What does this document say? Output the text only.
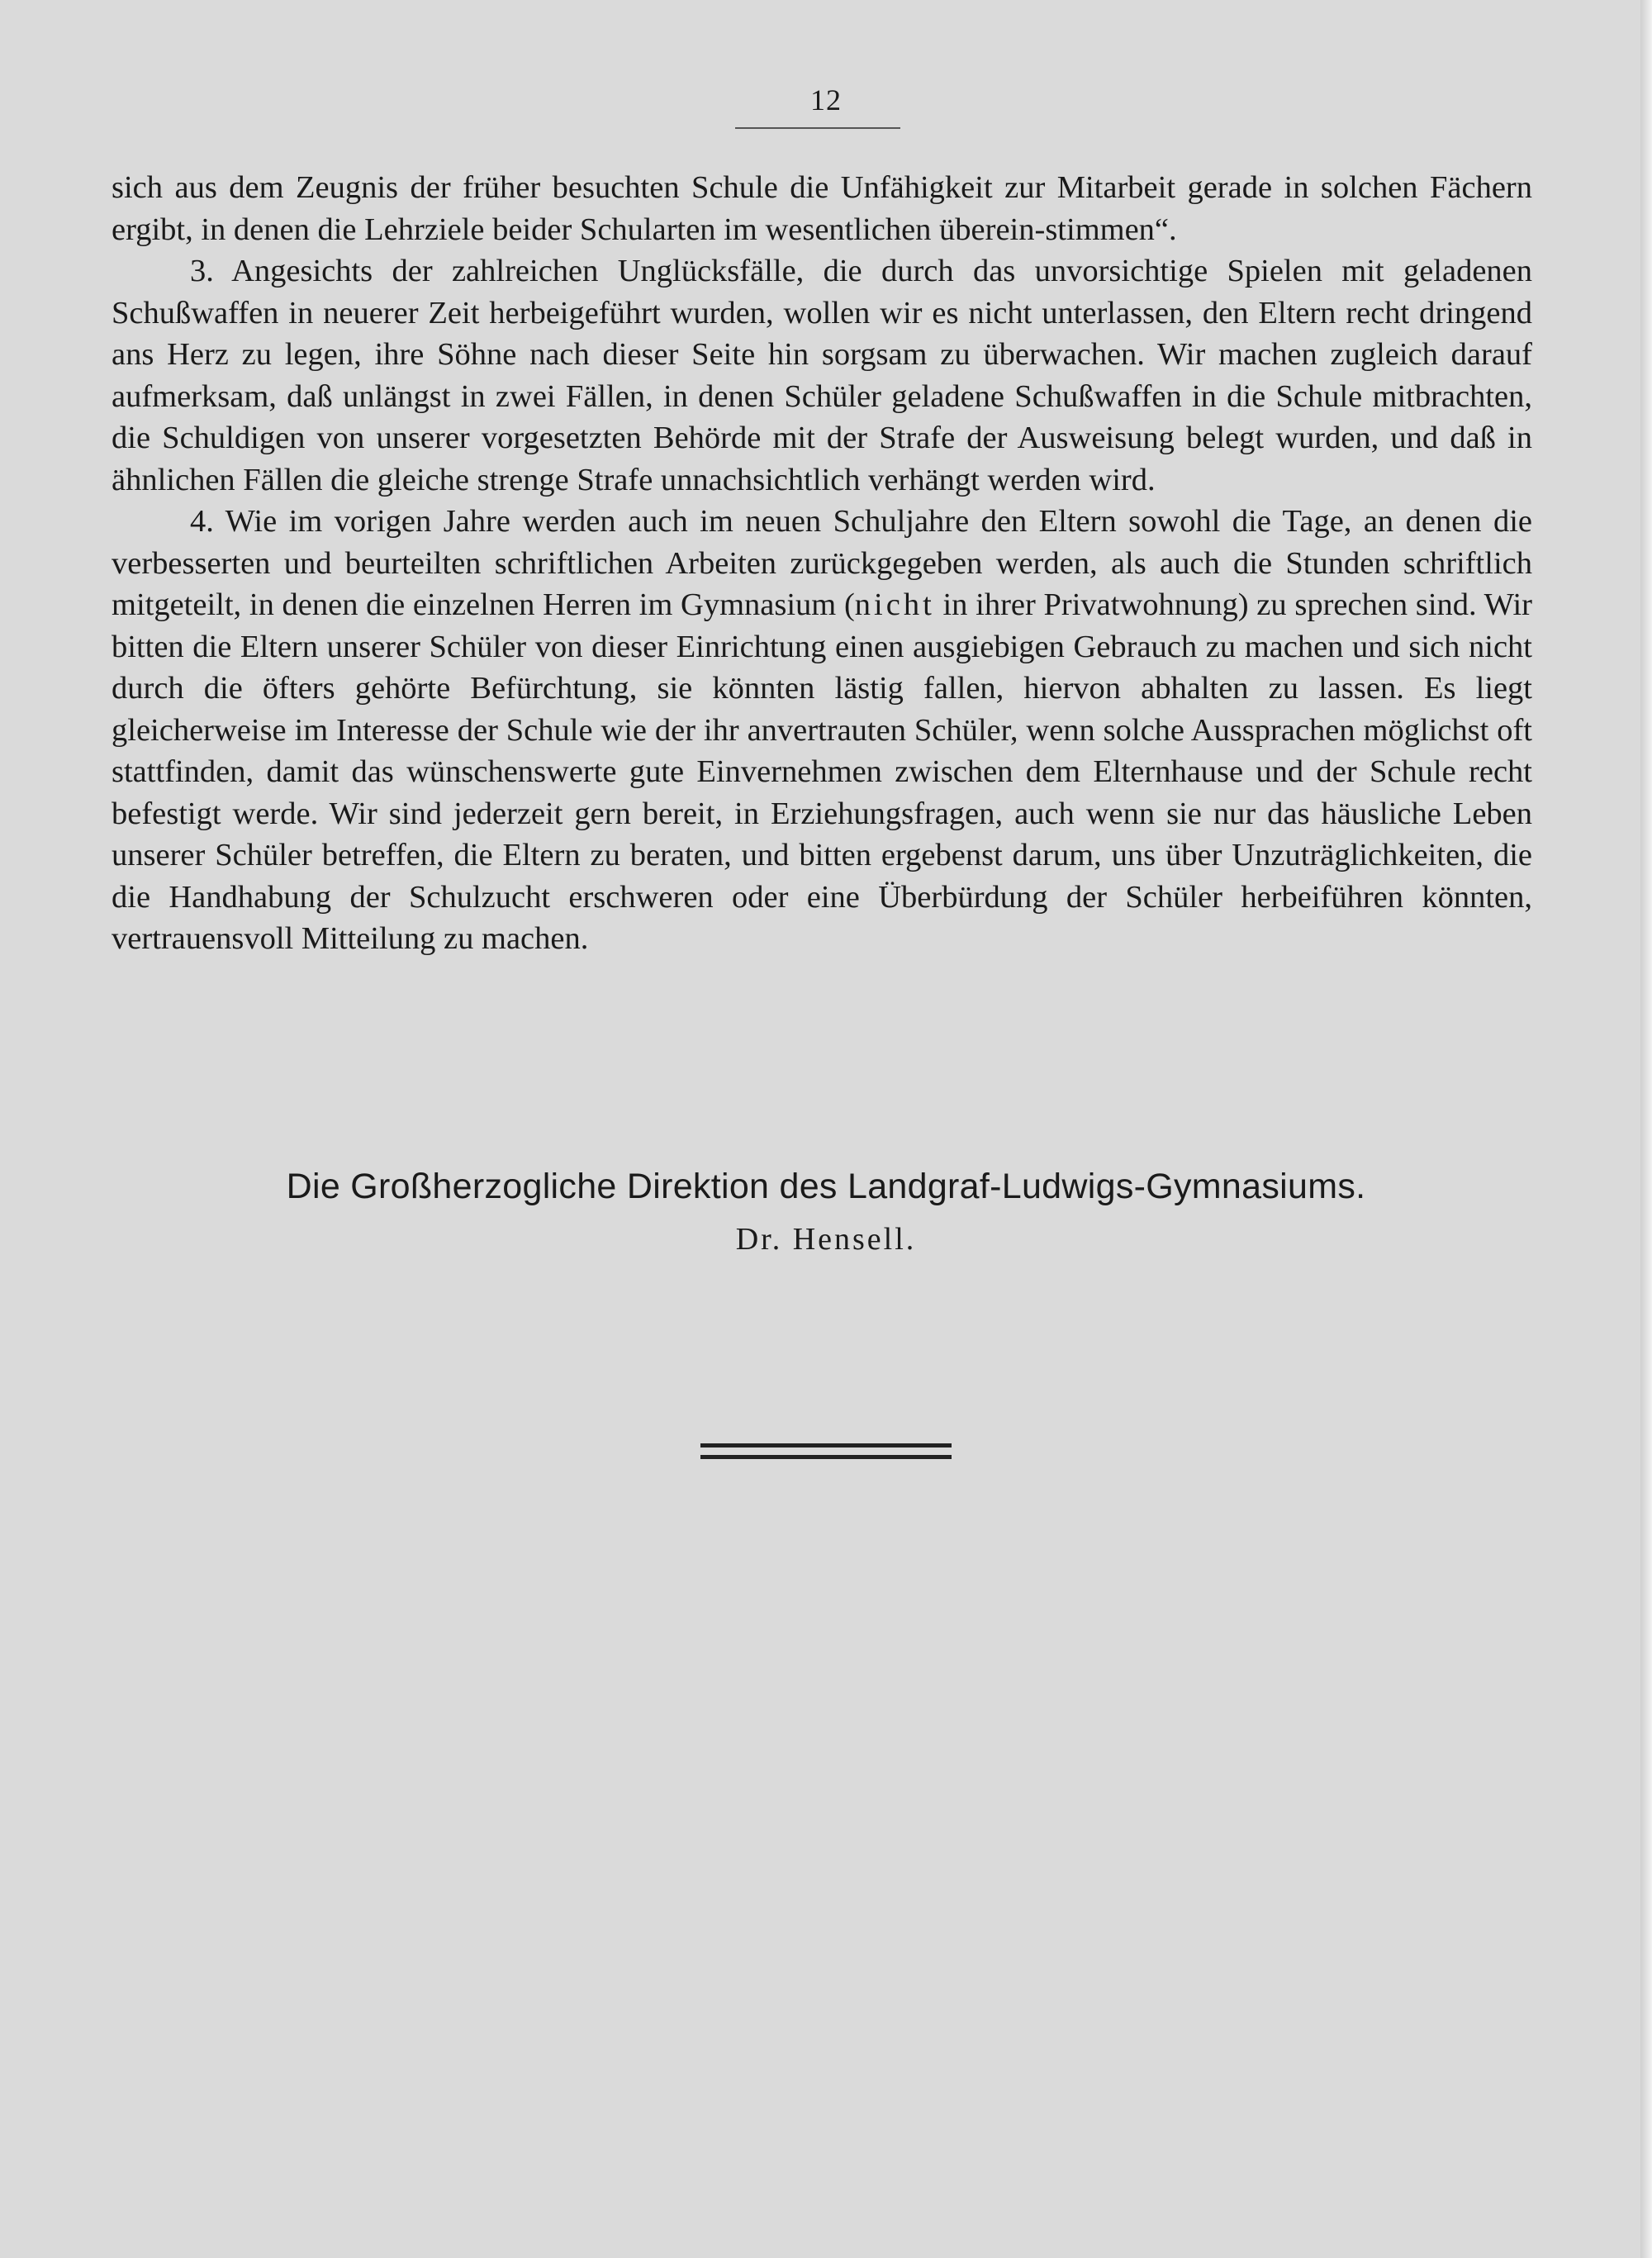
12

sich aus dem Zeugnis der früher besuchten Schule die Unfähigkeit zur Mitarbeit gerade in solchen Fächern ergibt, in denen die Lehrziele beider Schularten im wesentlichen überein-stimmen“.

3. Angesichts der zahlreichen Unglücksfälle, die durch das unvorsichtige Spielen mit geladenen Schußwaffen in neuerer Zeit herbeigeführt wurden, wollen wir es nicht unterlassen, den Eltern recht dringend ans Herz zu legen, ihre Söhne nach dieser Seite hin sorgsam zu überwachen. Wir machen zugleich darauf aufmerksam, daß unlängst in zwei Fällen, in denen Schüler geladene Schußwaffen in die Schule mitbrachten, die Schuldigen von unserer vorgesetzten Behörde mit der Strafe der Ausweisung belegt wurden, und daß in ähnlichen Fällen die gleiche strenge Strafe unnachsichtlich verhängt werden wird.

4. Wie im vorigen Jahre werden auch im neuen Schuljahre den Eltern sowohl die Tage, an denen die verbesserten und beurteilten schriftlichen Arbeiten zurückgegeben werden, als auch die Stunden schriftlich mitgeteilt, in denen die einzelnen Herren im Gymnasium (nicht in ihrer Privatwohnung) zu sprechen sind. Wir bitten die Eltern unserer Schüler von dieser Einrichtung einen ausgiebigen Gebrauch zu machen und sich nicht durch die öfters gehörte Befürchtung, sie könnten lästig fallen, hiervon abhalten zu lassen. Es liegt gleicherweise im Interesse der Schule wie der ihr anvertrauten Schüler, wenn solche Aussprachen möglichst oft stattfinden, damit das wünschenswerte gute Einvernehmen zwischen dem Elternhause und der Schule recht befestigt werde. Wir sind jederzeit gern bereit, in Erziehungsfragen, auch wenn sie nur das häusliche Leben unserer Schüler betreffen, die Eltern zu beraten, und bitten ergebenst darum, uns über Unzuträglichkeiten, die die Handhabung der Schulzucht erschweren oder eine Überbürdung der Schüler herbeiführen könnten, vertrauensvoll Mitteilung zu machen.

Die Großherzogliche Direktion des Landgraf-Ludwigs-Gymnasiums.
Dr. Hensell.
